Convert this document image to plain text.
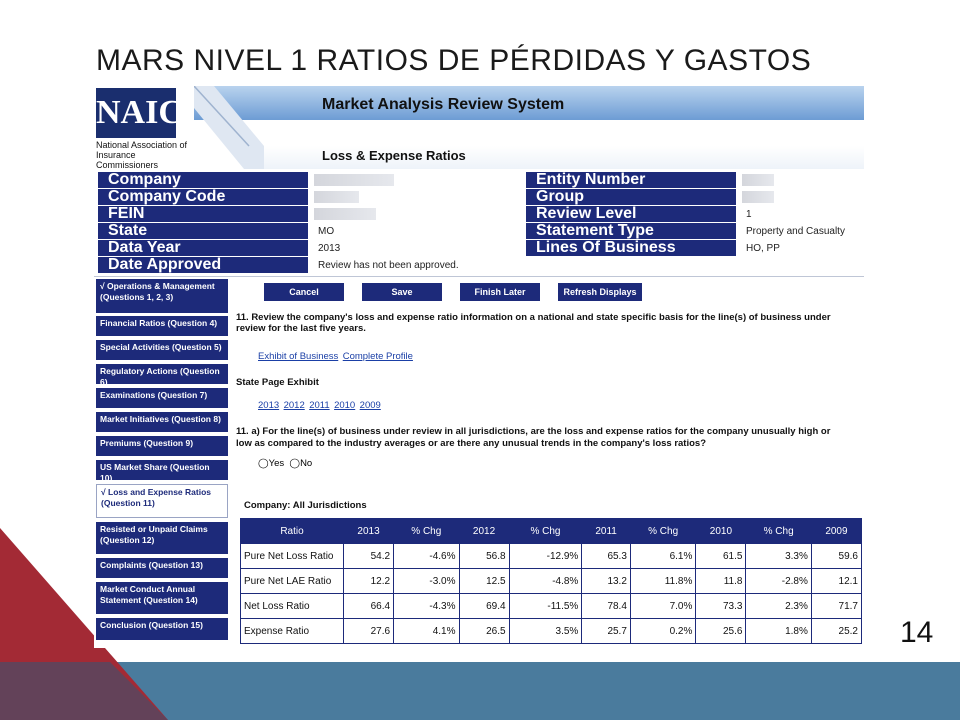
MARS NIVEL 1 RATIOS DE PÉRDIDAS Y GASTOS
NAIC
National Association of Insurance Commissioners
Market Analysis Review System
Loss & Expense Ratios
Company
Company Code
FEIN
State	MO
Data Year	2013
Date Approved	Review has not been approved.
Entity Number
Group
Review Level	1
Statement Type	Property and Casualty
Lines Of Business	HO, PP
√ Operations & Management (Questions 1, 2, 3)
Financial Ratios (Question 4)
Special Activities (Question 5)
Regulatory Actions (Question 6)
Examinations (Question 7)
Market Initiatives (Question 8)
Premiums (Question 9)
US Market Share (Question 10)
√ Loss and Expense Ratios (Question 11)
Resisted or Unpaid Claims (Question 12)
Complaints (Question 13)
Market Conduct Annual Statement (Question 14)
Conclusion (Question 15)
Cancel	Save	Finish Later	Refresh Displays
11. Review the company's loss and expense ratio information on a national and state specific basis for the line(s) of business under review for the last five years.
Exhibit of Business Complete Profile
State Page Exhibit
2013 2012 2011 2010 2009
11. a) For the line(s) of business under review in all jurisdictions, are the loss and expense ratios for the company unusually high or low as compared to the industry averages or are there any unusual trends in the company's loss ratios?
◯Yes ◯No
Company: All Jurisdictions
Ratio	2013	% Chg	2012	% Chg	2011	% Chg	2010	% Chg	2009
Pure Net Loss Ratio	54.2	-4.6%	56.8	-12.9%	65.3	6.1%	61.5	3.3%	59.6
Pure Net LAE Ratio	12.2	-3.0%	12.5	-4.8%	13.2	11.8%	11.8	-2.8%	12.1
Net Loss Ratio	66.4	-4.3%	69.4	-11.5%	78.4	7.0%	73.3	2.3%	71.7
Expense Ratio	27.6	4.1%	26.5	3.5%	25.7	0.2%	25.6	1.8%	25.2 14
